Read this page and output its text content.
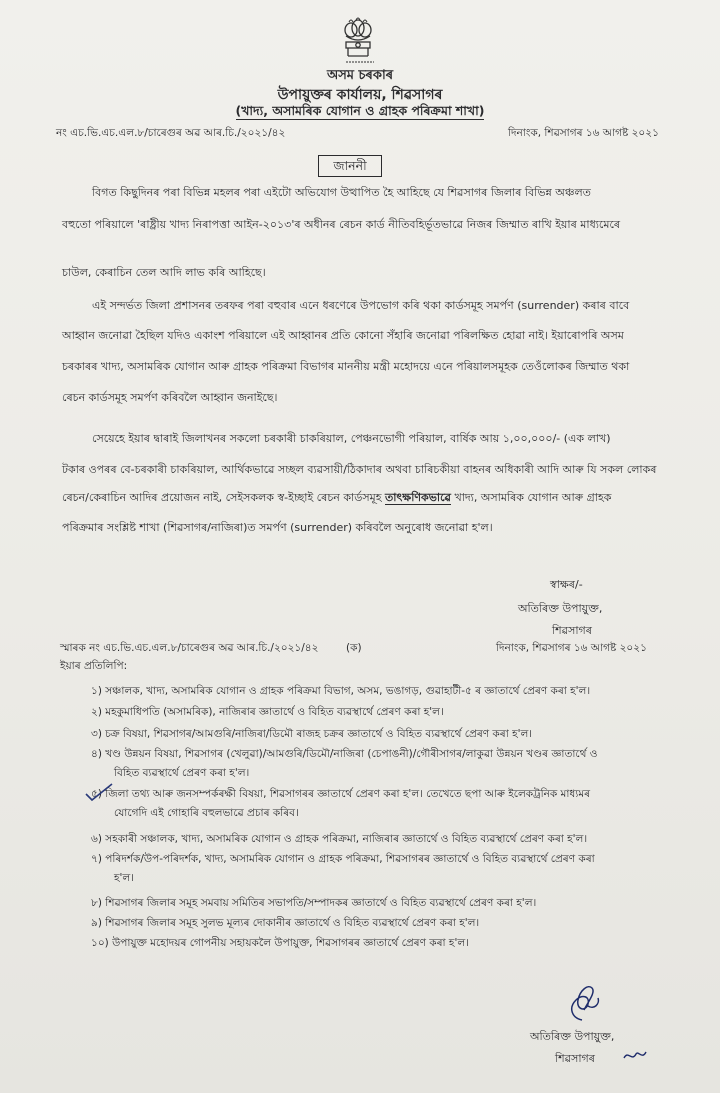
অসম চৰকাৰ
উপায়ুক্তৰ কাৰ্যালয়, শিৱসাগৰ
(খাদ্য, অসামৰিক যোগান ও গ্ৰাহক পৰিক্ৰমা শাখা)
নং এচ.ভি.এচ.এল.৮/চাৰেগুৰ অৱ আৰ.চি./২০২১/৪২	দিনাংক, শিৱসাগৰ ১৬ আগষ্ট ২০২১
জাননী
বিগত কিছুদিনৰ পৰা বিভিন্ন মহলৰ পৰা এইটো অভিযোগ উত্থাপিত হৈ আহিছে যে শিৱসাগৰ জিলাৰ বিভিন্ন অঞ্চলত
বহুতো পৰিয়ালে 'ৰাষ্ট্ৰীয় খাদ্য নিৰাপত্তা আইন-২০১৩'ৰ অধীনৰ ৰেচন কাৰ্ড নীতিবহিৰ্ভূতভাৱে নিজৰ জিম্মাত ৰাখি ইয়াৰ মাধ্যমেৰে
চাউল, কেৰাচিন তেল আদি লাভ কৰি আহিছে।
এই সন্দৰ্ভত জিলা প্ৰশাসনৰ তৰফৰ পৰা বহুবাৰ এনে ধৰণেৰে উপভোগ কৰি থকা কাৰ্ডসমূহ সমৰ্পণ (surrender) কৰাৰ বাবে
আহ্বান জনোৱা হৈছিল যদিও একাংশ পৰিয়ালে এই আহ্বানৰ প্ৰতি কোনো সঁহাৰি জনোৱা পৰিলক্ষিত হোৱা নাই। ইয়াৰোপৰি অসম
চৰকাৰৰ খাদ্য, অসামৰিক যোগান আৰু গ্ৰাহক পৰিক্ৰমা বিভাগৰ মাননীয় মন্ত্ৰী মহোদয়ে এনে পৰিয়ালসমূহক তেওঁলোকৰ জিম্মাত থকা
ৰেচন কাৰ্ডসমূহ সমৰ্পণ কৰিবলৈ আহ্বান জনাইছে।
সেয়েহে ইয়াৰ দ্বাৰাই জিলাখনৰ সকলো চৰকাৰী চাকৰিয়াল, পেঞ্চনভোগী পৰিয়াল, বাৰ্ষিক আয় ১,০০,০০০/- (এক লাখ)
টকাৰ ওপৰৰ বে-চৰকাৰী চাকৰিয়াল, আৰ্থিকভাৱে সচ্ছল ব্যৱসায়ী/ঠিকাদাৰ অথবা চাৰিচকীয়া বাহনৰ অধিকাৰী আদি আৰু যি সকল লোকৰ
ৰেচন/কেৰাচিন আদিৰ প্ৰয়োজন নাই, সেইসকলক স্ব-ইচ্ছাই ৰেচন কাৰ্ডসমূহ তাৎক্ষণিকভাৱে খাদ্য, অসামৰিক যোগান আৰু গ্ৰাহক
পৰিক্ৰমাৰ সংশ্লিষ্ট শাখা (শিৱসাগৰ/নাজিৰা)ত সমৰ্পণ (surrender) কৰিবলৈ অনুৰোধ জনোৱা হ'ল।
স্বাক্ষৰ/-
অতিৰিক্ত উপায়ুক্ত,
শিৱসাগৰ
স্মাৰক নং এচ.ভি.এচ.এল.৮/চাৰেগুৰ অৱ আৰ.চি./২০২১/৪২	(ক)	দিনাংক, শিৱসাগৰ ১৬ আগষ্ট ২০২১
ইয়াৰ প্ৰতিলিপি:
১) সঞ্চালক, খাদ্য, অসামৰিক যোগান ও গ্ৰাহক পৰিক্ৰমা বিভাগ, অসম, ভঙাগড়, গুৱাহাটী-৫ ৰ জ্ঞাতাৰ্থে প্ৰেৰণ কৰা হ'ল।
২) মহকুমাধিপতি (অসামৰিক), নাজিৰাৰ জ্ঞাতাৰ্থে ও বিহিত ব্যৱস্থাৰ্থে প্ৰেৰণ কৰা হ'ল।
৩) চক্ৰ বিষয়া, শিৱসাগৰ/আমগুৰি/নাজিৰা/ডিমৌ ৰাজহ চক্ৰৰ জ্ঞাতাৰ্থে ও বিহিত ব্যৱস্থাৰ্থে প্ৰেৰণ কৰা হ'ল।
৪) খণ্ড উন্নয়ন বিষয়া, শিৱসাগৰ (খেলুৱা)/আমগুৰি/ডিমৌ/নাজিৰা (চেপাঙনী)/গৌৰীসাগৰ/লাকুৱা উন্নয়ন খণ্ডৰ জ্ঞাতাৰ্থে ও
বিহিত ব্যৱস্থাৰ্থে প্ৰেৰণ কৰা হ'ল।
৫) জিলা তথ্য আৰু জনসম্পৰ্কৰক্ষী বিষয়া, শিৱসাগৰৰ জ্ঞাতাৰ্থে প্ৰেৰণ কৰা হ'ল। তেখেতে ছপা আৰু ইলেকট্ৰনিক মাধ্যমৰ
যোগেদি এই গোহাৰি বহুলভাৱে প্ৰচাৰ কৰিব।
৬) সহকাৰী সঞ্চালক, খাদ্য, অসামৰিক যোগান ও গ্ৰাহক পৰিক্ৰমা, নাজিৰাৰ জ্ঞাতাৰ্থে ও বিহিত ব্যৱস্থাৰ্থে প্ৰেৰণ কৰা হ'ল।
৭) পৰিদৰ্শক/উপ-পৰিদৰ্শক, খাদ্য, অসামৰিক যোগান ও গ্ৰাহক পৰিক্ৰমা, শিৱসাগৰৰ জ্ঞাতাৰ্থে ও বিহিত ব্যৱস্থাৰ্থে প্ৰেৰণ কৰা
হ'ল।
৮) শিৱসাগৰ জিলাৰ সমূহ সমবায় সমিতিৰ সভাপতি/সম্পাদকৰ জ্ঞাতাৰ্থে ও বিহিত ব্যৱস্থাৰ্থে প্ৰেৰণ কৰা হ'ল।
৯) শিৱসাগৰ জিলাৰ সমূহ সুলভ মূল্যৰ দোকানীৰ জ্ঞাতাৰ্থে ও বিহিত ব্যৱস্থাৰ্থে প্ৰেৰণ কৰা হ'ল।
১০) উপায়ুক্ত মহোদয়ৰ গোপনীয় সহায়কলৈ উপায়ুক্ত, শিৱসাগৰৰ জ্ঞাতাৰ্থে প্ৰেৰণ কৰা হ'ল।
অতিৰিক্ত উপায়ুক্ত,
শিৱসাগৰ
